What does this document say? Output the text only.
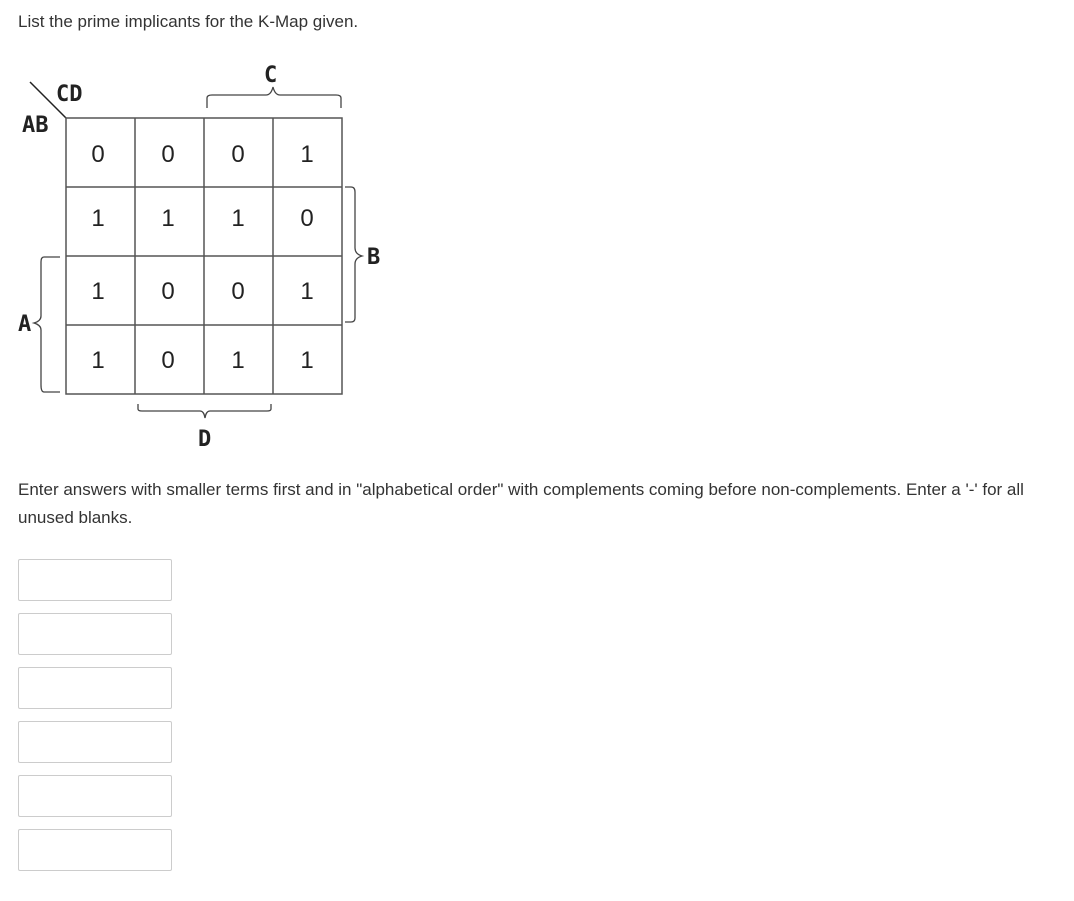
List the prime implicants for the K-Map given.

CD
AB
0 0 0 1
1 1 1 0
1 0 0 1
1 0 1 1
C
D
A
B

Enter answers with smaller terms first and in "alphabetical order" with complements coming before non-complements. Enter a '-' for all unused blanks.
